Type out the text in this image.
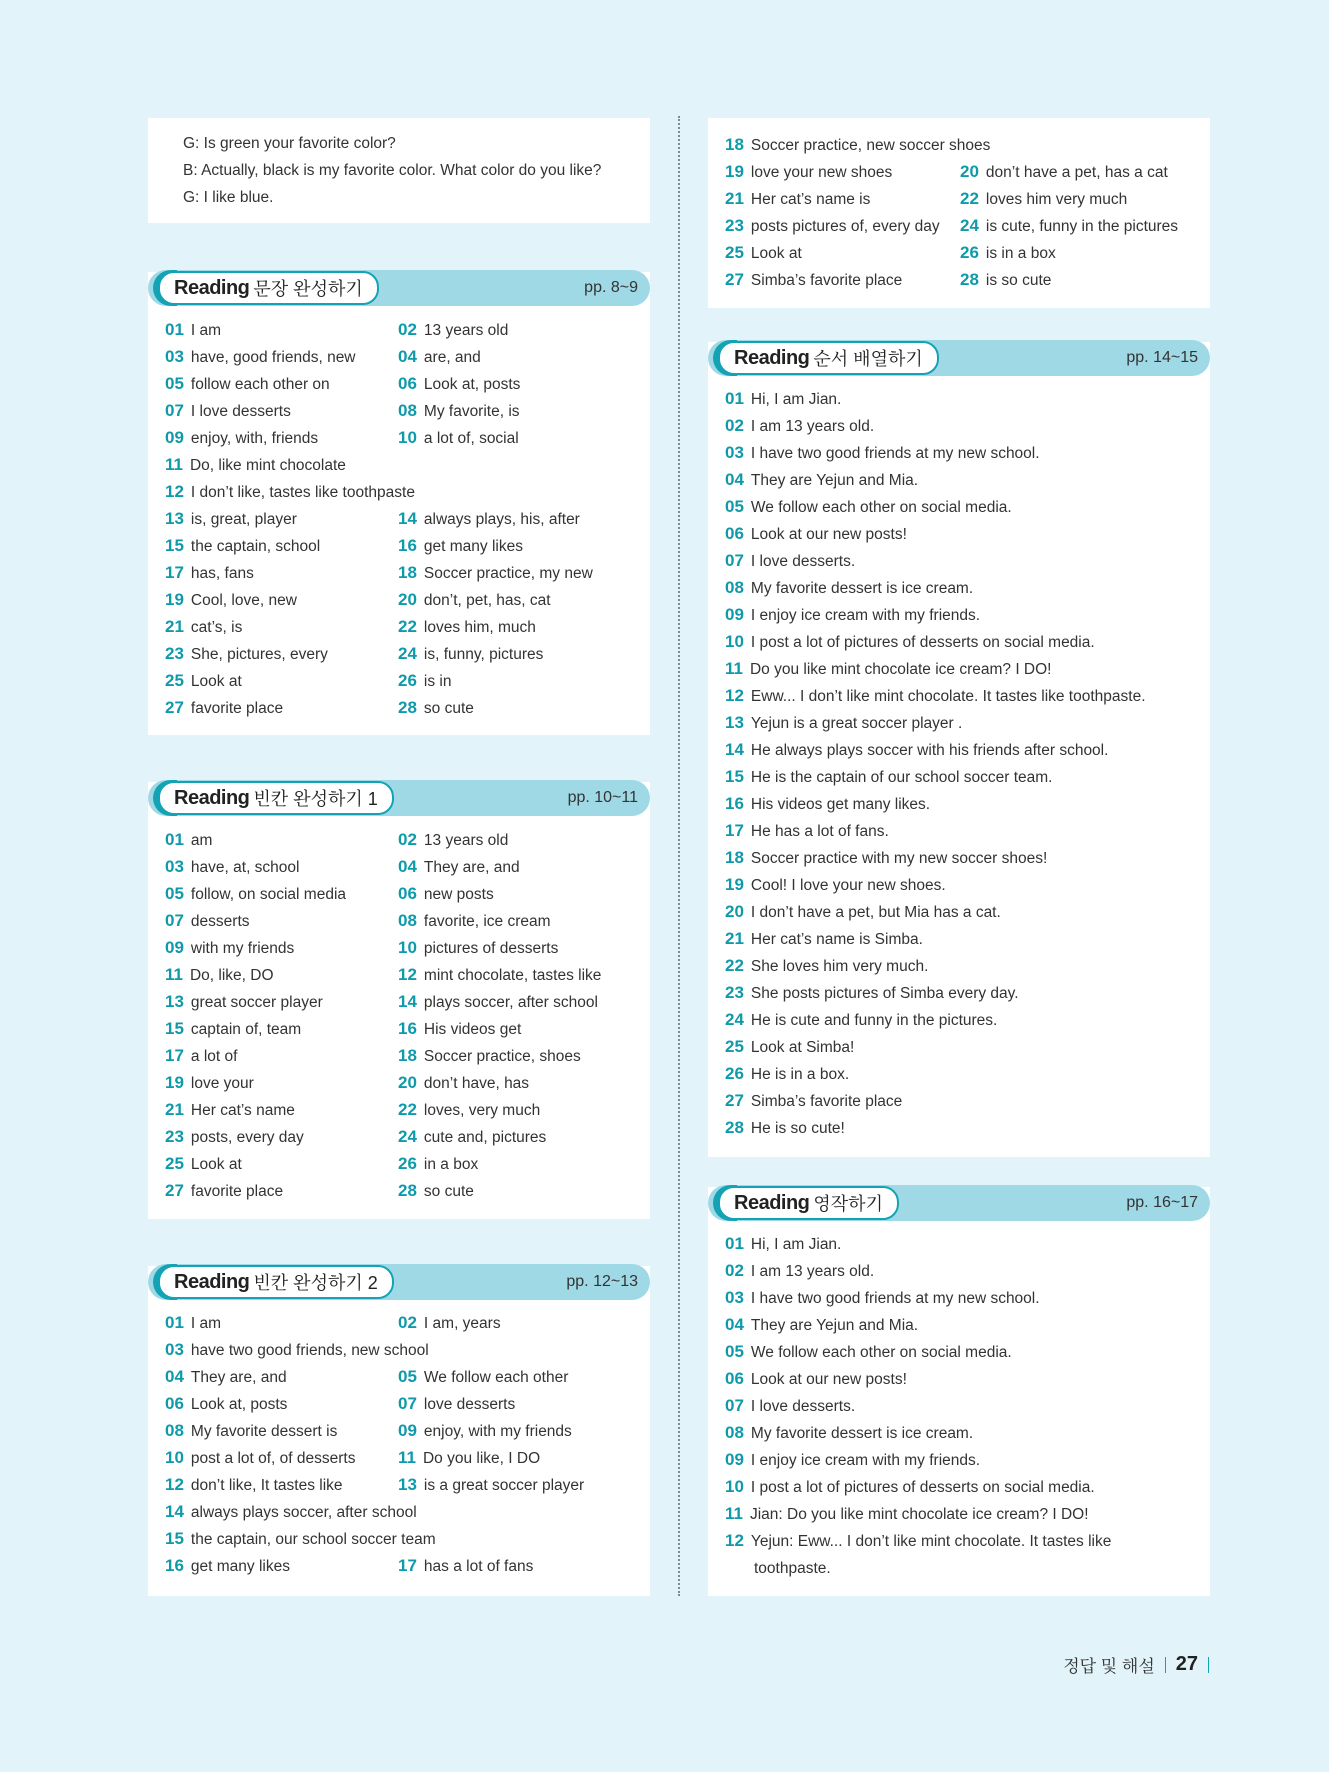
G: Is green your favorite color?
B: Actually, black is my favorite color. What color do you like?
G: I like blue.
Reading 문장 완성하기	pp. 8~9
01 I am	02 13 years old
03 have, good friends, new 04 are, and
05 follow each other on	06 Look at, posts
07 I love desserts	08 My favorite, is
09 enjoy, with, friends	10 a lot of, social
11 Do, like mint chocolate
12 I don’t like, tastes like toothpaste
13 is, great, player	14 always plays, his, after
15 the captain, school	16 get many likes
17 has, fans	18 Soccer practice, my new
19 Cool, love, new	20 don’t, pet, has, cat
21 cat’s, is	22 loves him, much
23 She, pictures, every	24 is, funny, pictures
25 Look at	26 is in
27 favorite place	28 so cute
Reading 빈칸 완성하기 1	pp. 10~11
01 am	02 13 years old
03 have, at, school	04 They are, and
05 follow, on social media	06 new posts
07 desserts	08 favorite, ice cream
09 with my friends	10 pictures of desserts
11 Do, like, DO	12 mint chocolate, tastes like
13 great soccer player	14 plays soccer, after school
15 captain of, team	16 His videos get
17 a lot of	18 Soccer practice, shoes
19 love your	20 don’t have, has
21 Her cat’s name	22 loves, very much
23 posts, every day	24 cute and, pictures
25 Look at	26 in a box
27 favorite place	28 so cute
Reading 빈칸 완성하기 2	pp. 12~13
01 I am	02 I am, years
03 have two good friends, new school
04 They are, and	05 We follow each other
06 Look at, posts	07 love desserts
08 My favorite dessert is	09 enjoy, with my friends
10 post a lot of, of desserts	11 Do you like, I DO
12 don’t like, It tastes like	13 is a great soccer player
14 always plays soccer, after school
15 the captain, our school soccer team
16 get many likes	17 has a lot of fans
18 Soccer practice, new soccer shoes
19 love your new shoes	20 don’t have a pet, has a cat
21 Her cat’s name is	22 loves him very much
23 posts pictures of, every day 24 is cute, funny in the pictures
25 Look at	26 is in a box
27 Simba’s favorite place	28 is so cute
Reading 순서 배열하기	pp. 14~15
01 Hi, I am Jian.
02 I am 13 years old.
03 I have two good friends at my new school.
04 They are Yejun and Mia.
05 We follow each other on social media.
06 Look at our new posts!
07 I love desserts.
08 My favorite dessert is ice cream.
09 I enjoy ice cream with my friends.
10 I post a lot of pictures of desserts on social media.
11 Do you like mint chocolate ice cream? I DO!
12 Eww... I don’t like mint chocolate. It tastes like toothpaste.
13 Yejun is a great soccer player .
14 He always plays soccer with his friends after school.
15 He is the captain of our school soccer team.
16 His videos get many likes.
17 He has a lot of fans.
18 Soccer practice with my new soccer shoes!
19 Cool! I love your new shoes.
20 I don’t have a pet, but Mia has a cat.
21 Her cat’s name is Simba.
22 She loves him very much.
23 She posts pictures of Simba every day.
24 He is cute and funny in the pictures.
25 Look at Simba!
26 He is in a box.
27 Simba’s favorite place
28 He is so cute!
Reading 영작하기	pp. 16~17
01 Hi, I am Jian.
02 I am 13 years old.
03 I have two good friends at my new school.
04 They are Yejun and Mia.
05 We follow each other on social media.
06 Look at our new posts!
07 I love desserts.
08 My favorite dessert is ice cream.
09 I enjoy ice cream with my friends.
10 I post a lot of pictures of desserts on social media.
11 Jian: Do you like mint chocolate ice cream? I DO!
12 Yejun: Eww... I don’t like mint chocolate. It tastes like
toothpaste.
정답 및 해설 27
